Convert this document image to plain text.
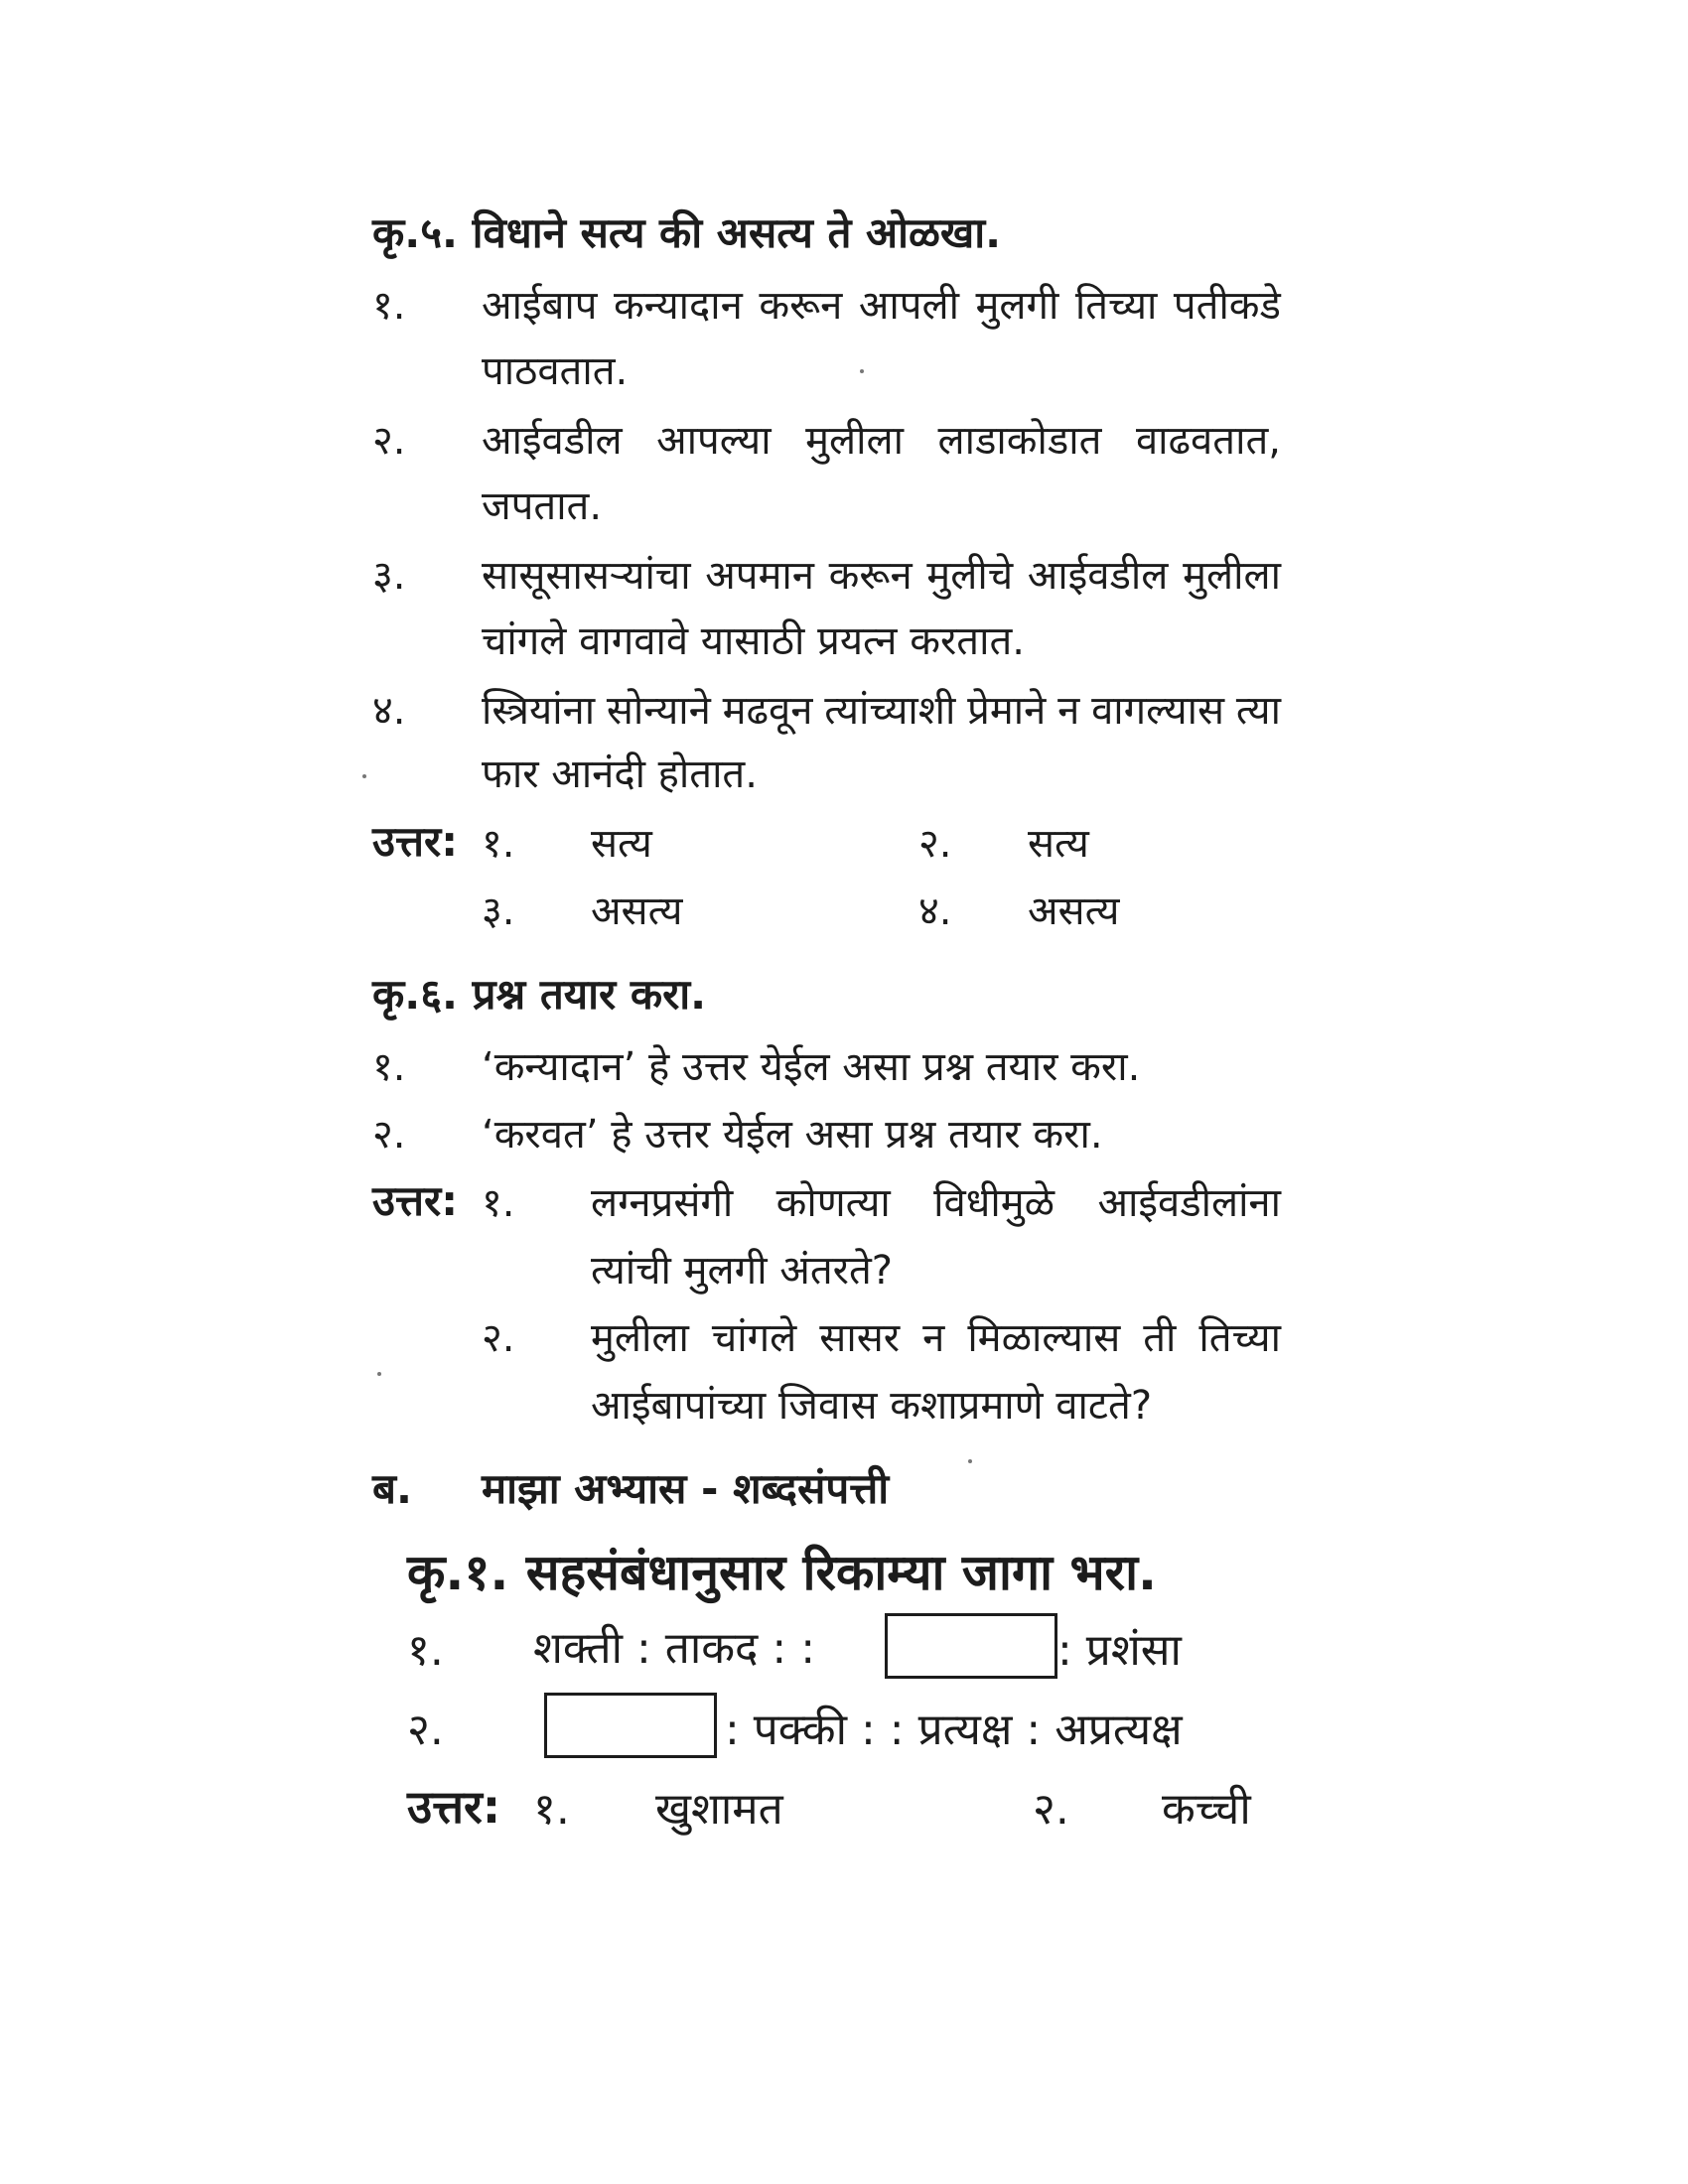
कृ.५. विधाने सत्य की असत्य ते ओळखा.
१. आईबाप कन्यादान करून आपली मुलगी तिच्या पतीकडे
पाठवतात.
२. आईवडील आपल्या मुलीला लाडाकोडात वाढवतात,
जपतात.
३. सासूसासऱ्यांचा अपमान करून मुलीचे आईवडील मुलीला
चांगले वागवावे यासाठी प्रयत्न करतात.
४. स्त्रियांना सोन्याने मढवून त्यांच्याशी प्रेमाने न वागल्यास त्या
फार आनंदी होतात.
उत्तर: १. सत्य	२. सत्य
३. असत्य	४. असत्य
कृ.६. प्रश्न तयार करा.
१. ‘कन्यादान’ हे उत्तर येईल असा प्रश्न तयार करा.
२. ‘करवत’ हे उत्तर येईल असा प्रश्न तयार करा.
उत्तर: १. लग्नप्रसंगी कोणत्या विधीमुळे आईवडीलांना
त्यांची मुलगी अंतरते?
२. मुलीला चांगले सासर न मिळाल्यास ती तिच्या
आईबापांच्या जिवास कशाप्रमाणे वाटते?
ब. माझा अभ्यास - शब्दसंपत्ती
कृ.१. सहसंबंधानुसार रिकाम्या जागा भरा.
१. शक्ती : ताकद : :	: प्रशंसा
२.	: पक्की : : प्रत्यक्ष : अप्रत्यक्ष
उत्तर: १. खुशामत	२. कच्ची
